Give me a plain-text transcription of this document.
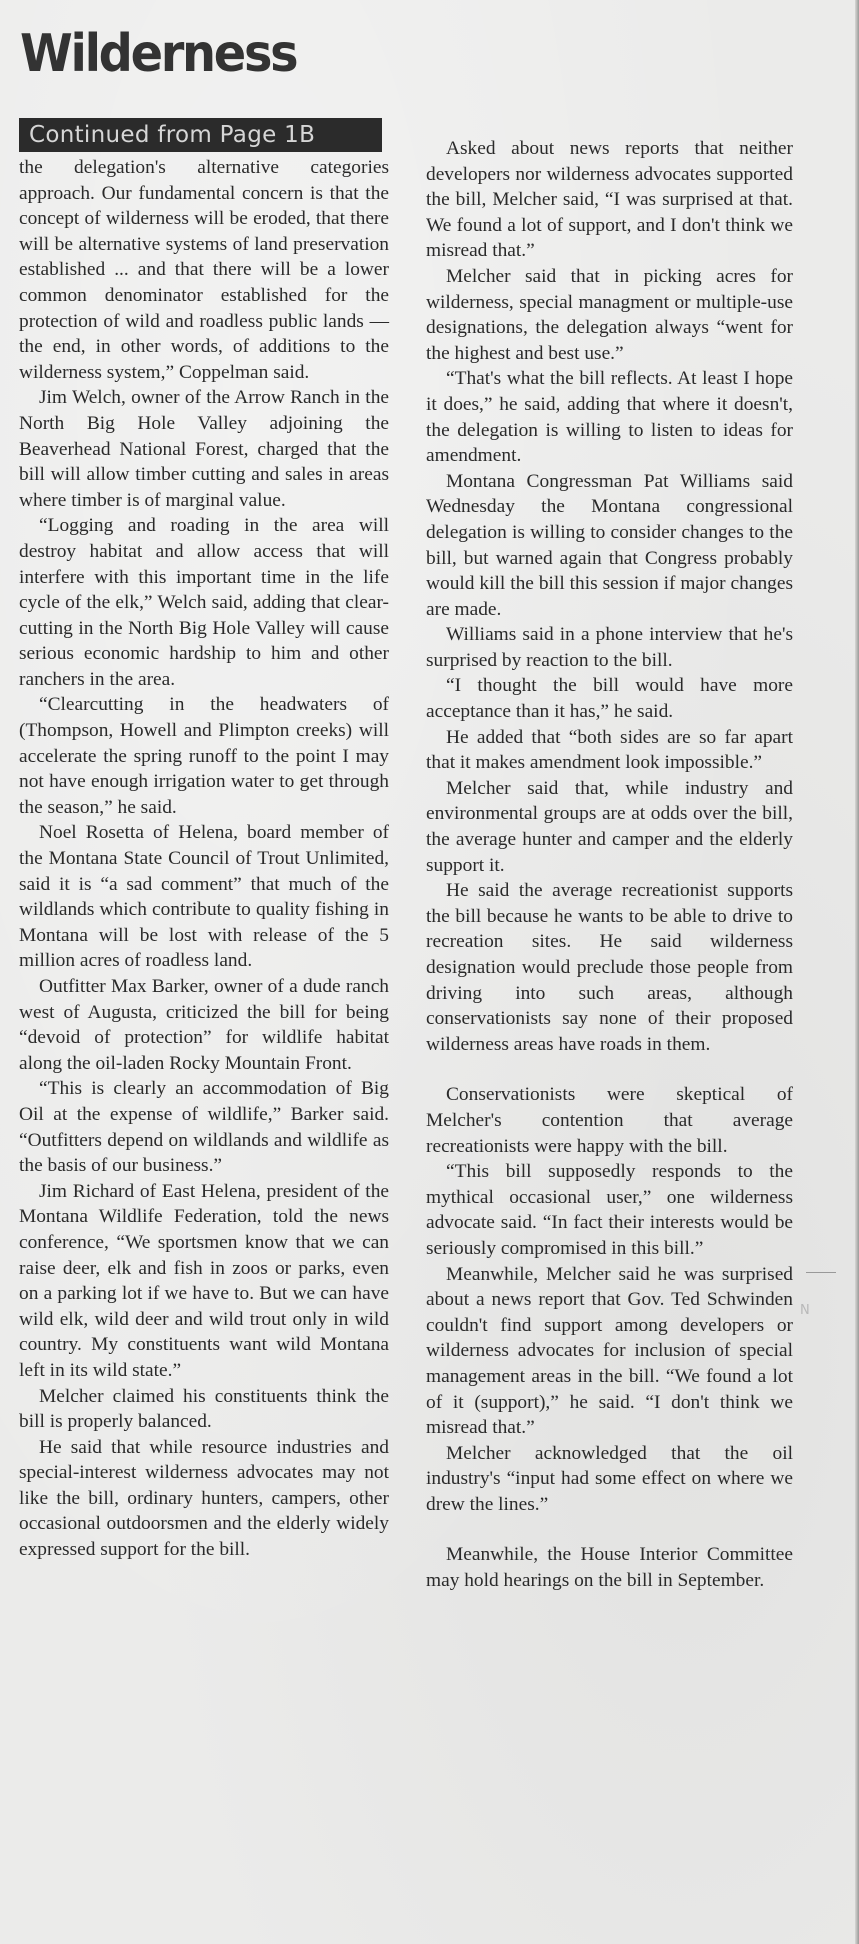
Wilderness
Continued from Page 1B

the delegation's alternative categories approach. Our fundamental concern is that the concept of wilderness will be eroded, that there will be alternative systems of land preservation established ... and that there will be a lower common denominator established for the protection of wild and roadless public lands — the end, in other words, of additions to the wilderness system,” Coppelman said.

Jim Welch, owner of the Arrow Ranch in the North Big Hole Valley adjoining the Beaverhead National Forest, charged that the bill will allow timber cutting and sales in areas where timber is of marginal value.

“Logging and roading in the area will destroy habitat and allow access that will interfere with this important time in the life cycle of the elk,” Welch said, adding that clear-cutting in the North Big Hole Valley will cause serious economic hardship to him and other ranchers in the area.

“Clearcutting in the headwaters of (Thompson, Howell and Plimpton creeks) will accelerate the spring runoff to the point I may not have enough irrigation water to get through the season,” he said.

Noel Rosetta of Helena, board member of the Montana State Council of Trout Unlimited, said it is “a sad comment” that much of the wildlands which contribute to quality fishing in Montana will be lost with release of the 5 million acres of roadless land.

Outfitter Max Barker, owner of a dude ranch west of Augusta, criticized the bill for being “devoid of protection” for wildlife habitat along the oil-laden Rocky Mountain Front.

“This is clearly an accommodation of Big Oil at the expense of wildlife,” Barker said. “Outfitters depend on wildlands and wildlife as the basis of our business.”

Jim Richard of East Helena, president of the Montana Wildlife Federation, told the news conference, “We sportsmen know that we can raise deer, elk and fish in zoos or parks, even on a parking lot if we have to. But we can have wild elk, wild deer and wild trout only in wild country. My constituents want wild Montana left in its wild state.”

Melcher claimed his constituents think the bill is properly balanced.

He said that while resource industries and special-interest wilderness advocates may not like the bill, ordinary hunters, campers, other occasional outdoorsmen and the elderly widely expressed support for the bill.

Asked about news reports that neither developers nor wilderness advocates supported the bill, Melcher said, “I was surprised at that. We found a lot of support, and I don't think we misread that.”

Melcher said that in picking acres for wilderness, special managment or multiple-use designations, the delegation always “went for the highest and best use.”

“That's what the bill reflects. At least I hope it does,” he said, adding that where it doesn't, the delegation is willing to listen to ideas for amendment.

Montana Congressman Pat Williams said Wednesday the Montana congressional delegation is willing to consider changes to the bill, but warned again that Congress probably would kill the bill this session if major changes are made.

Williams said in a phone interview that he's surprised by reaction to the bill.

“I thought the bill would have more acceptance than it has,” he said.

He added that “both sides are so far apart that it makes amendment look impossible.”

Melcher said that, while industry and environmental groups are at odds over the bill, the average hunter and camper and the elderly support it.

He said the average recreationist supports the bill because he wants to be able to drive to recreation sites. He said wilderness designation would preclude those people from driving into such areas, although conservationists say none of their proposed wilderness areas have roads in them.

Conservationists were skeptical of Melcher's contention that average recreationists were happy with the bill.

“This bill supposedly responds to the mythical occasional user,” one wilderness advocate said. “In fact their interests would be seriously compromised in this bill.”

Meanwhile, Melcher said he was surprised about a news report that Gov. Ted Schwinden couldn't find support among developers or wilderness advocates for inclusion of special management areas in the bill. “We found a lot of it (support),” he said. “I don't think we misread that.”

Melcher acknowledged that the oil industry's “input had some effect on where we drew the lines.”

Meanwhile, the House Interior Committee may hold hearings on the bill in September.

N
